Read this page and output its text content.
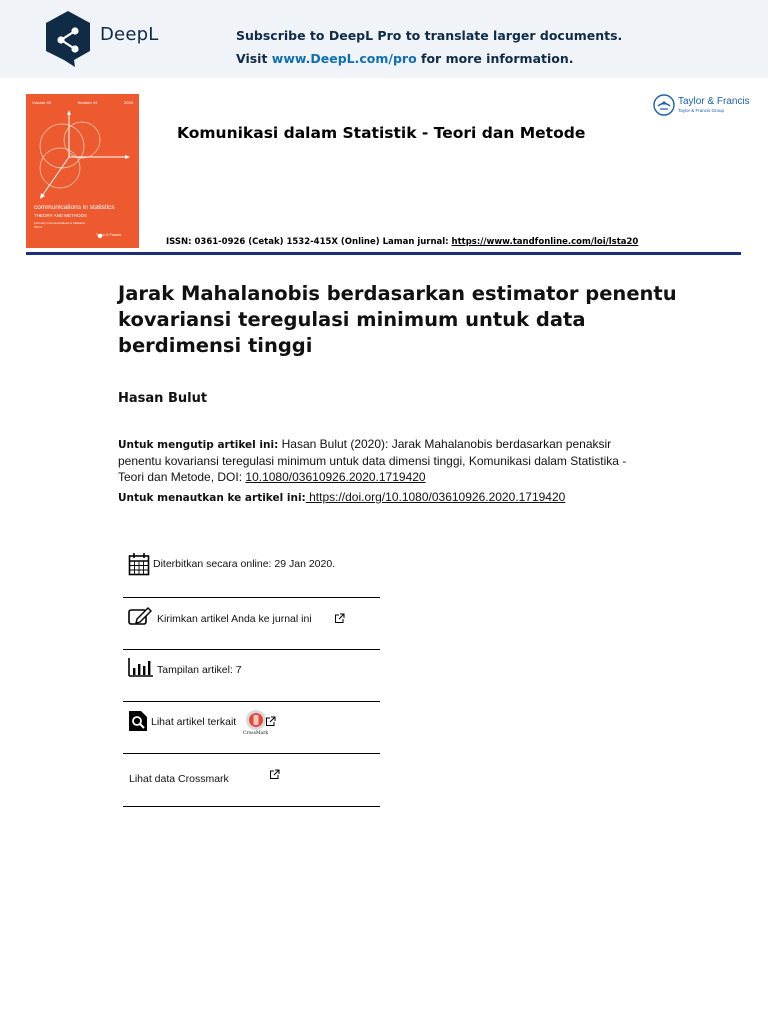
DeepL	Subscribe to DeepL Pro to translate larger documents.
Visit www.DeepL.com/pro for more information.
Volume 49	Number 24	2020
communications in statistics
THEORY AND METHODS
Formerly Communications in Statistics
Part A
Taylor & Francis
Taylor & Francis
Taylor & Francis Group
Komunikasi dalam Statistik - Teori dan Metode
ISSN: 0361-0926 (Cetak) 1532-415X (Online) Laman jurnal: https://www.tandfonline.com/loi/lsta20
Jarak Mahalanobis berdasarkan estimator penentu kovariansi teregulasi minimum untuk data berdimensi tinggi
Hasan Bulut
Untuk mengutip artikel ini: Hasan Bulut (2020): Jarak Mahalanobis berdasarkan penaksir penentu kovariansi teregulasi minimum untuk data dimensi tinggi, Komunikasi dalam Statistika - Teori dan Metode, DOI: 10.1080/03610926.2020.1719420
Untuk menautkan ke artikel ini: https://doi.org/10.1080/03610926.2020.1719420
Diterbitkan secara online: 29 Jan 2020.
Kirimkan artikel Anda ke jurnal ini
Tampilan artikel: 7
Lihat artikel terkait
CrossMark
Lihat data Crossmark
